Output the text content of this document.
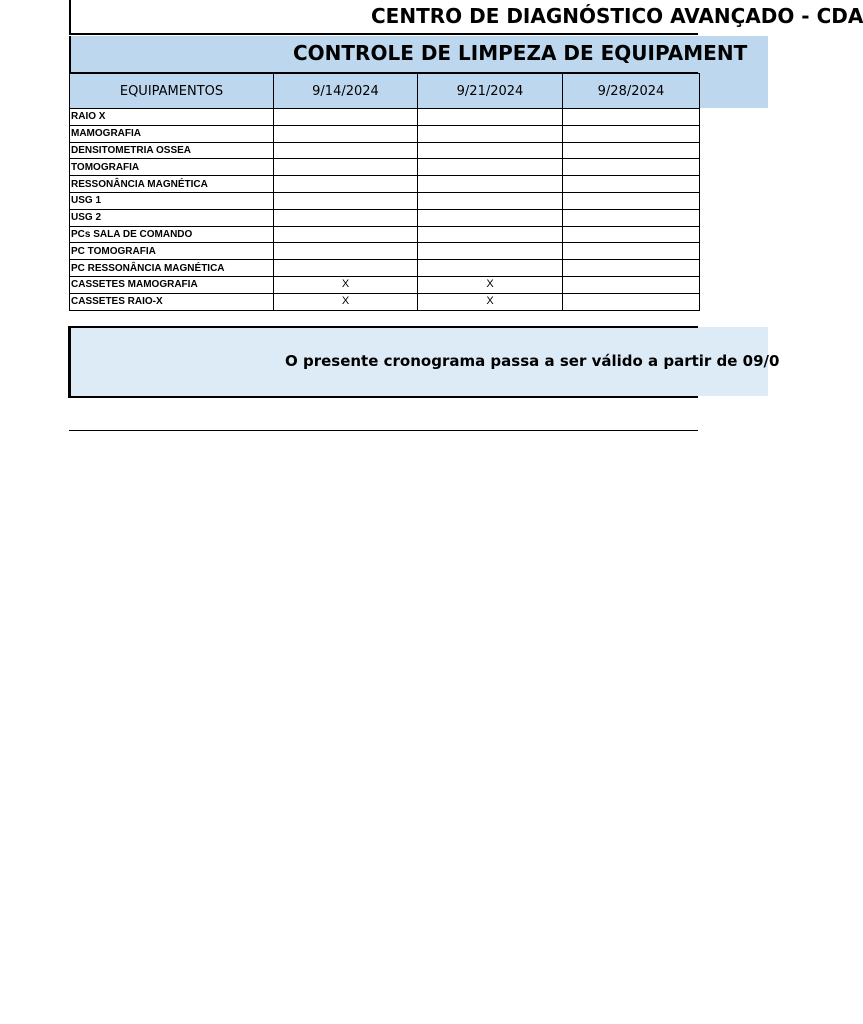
CENTRO DE DIAGNÓSTICO AVANÇADO - CDA
CONTROLE DE LIMPEZA DE EQUIPAMENT
EQUIPAMENTOS	9/14/2024	9/21/2024	9/28/2024
RAIO X			
MAMOGRAFIA			
DENSITOMETRIA OSSEA			
TOMOGRAFIA			
RESSONÂNCIA MAGNÉTICA			
USG 1			
USG 2			
PCs SALA DE COMANDO			
PC TOMOGRAFIA			
PC RESSONÂNCIA MAGNÉTICA			
CASSETES MAMOGRAFIA	X	X	
CASSETES RAIO-X	X	X	
O presente cronograma passa a ser válido a partir de 09/0
